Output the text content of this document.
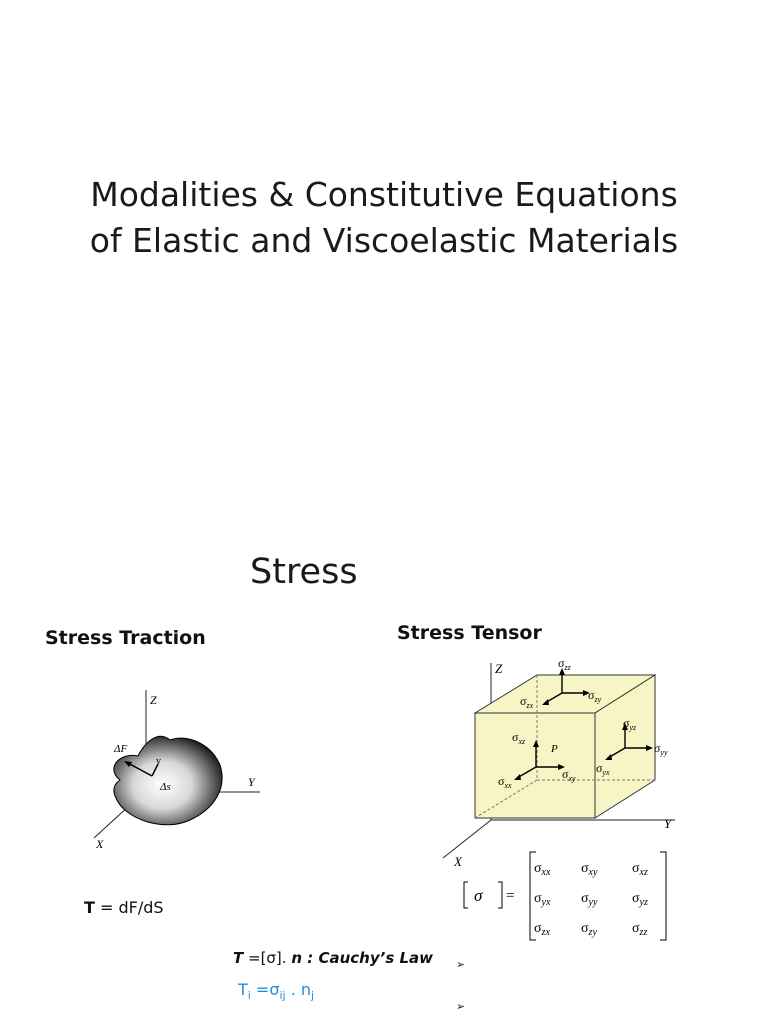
Modalities & Constitutive Equations
of Elastic and Viscoelastic Materials
Stress
Stress Traction
Z
Y
X
ΔF
v
Δs
T = dF/dS
Stress Tensor
Z
Y
X
$\sigma_{zz}$
$\sigma_{zy}$
$\sigma_{zx}$
$\sigma_{xz}$
$\sigma_{xy}$
$\sigma_{xx}$
P
$\sigma_{yz}$
$\sigma_{yy}$
$\sigma_{yx}$
σ =
$\sigma_{xx}$ $\sigma_{xy}$ $\sigma_{xz}$
$\sigma_{yx}$ $\sigma_{yy}$ $\sigma_{yz}$
$\sigma_{zx}$ $\sigma_{zy}$	$\sigma_{zz}$
T =[σ]. n : Cauchy’s Law
$T_i =\sigma_{ij}$ . $n_j$
➢
➢
